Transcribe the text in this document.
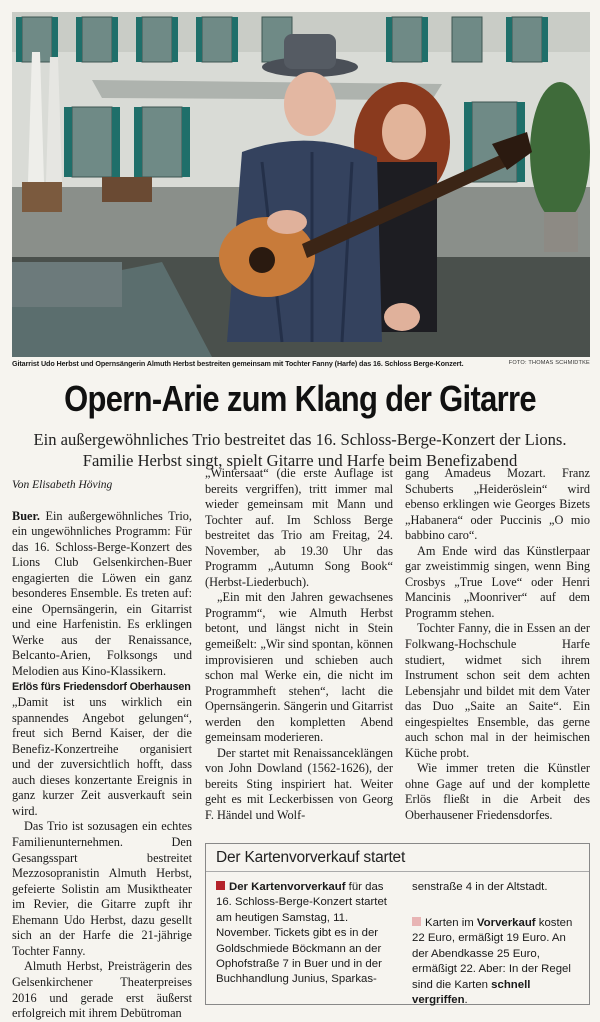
Gitarrist Udo Herbst und Opernsängerin Almuth Herbst bestreiten gemeinsam mit Tochter Fanny (Harfe) das 16. Schloss Berge-Konzert.	FOTO: THOMAS SCHMIDTKE
Opern-Arie zum Klang der Gitarre
Ein außergewöhnliches Trio bestreitet das 16. Schloss-Berge-Konzert der Lions.
Familie Herbst singt, spielt Gitarre und Harfe beim Benefizabend
Von Elisabeth Höving

Buer. Ein außergewöhnliches Trio, ein ungewöhnliches Programm: Für das 16. Schloss-Berge-Konzert des Lions Club Gelsenkirchen-Buer engagierten die Löwen ein ganz besonderes Ensemble. Es treten auf: eine Opernsängerin, ein Gitarrist und eine Harfenistin. Es erklingen Werke aus der Renaissance, Belcanto-Arien, Folksongs und Melodien aus Kino-Klassikern.

Erlös fürs Friedensdorf Oberhausen

„Damit ist uns wirklich ein spannendes Angebot gelungen“, freut sich Bernd Kaiser, der die Benefiz-Konzertreihe organisiert und der zuversichtlich hofft, dass auch dieses konzertante Ereignis in ganz kurzer Zeit ausverkauft sein wird.

Das Trio ist sozusagen ein echtes Familienunternehmen. Den Gesangsspart bestreitet Mezzosopranistin Almuth Herbst, gefeierte Solistin am Musiktheater im Revier, die Gitarre zupft ihr Ehemann Udo Herbst, dazu gesellt sich an der Harfe die 21-jährige Tochter Fanny.

Almuth Herbst, Preisträgerin des Gelsenkirchener Theaterpreises 2016 und gerade erst äußerst erfolgreich mit ihrem Debütroman

„Wintersaat“ (die erste Auflage ist bereits vergriffen), tritt immer mal wieder gemeinsam mit Mann und Tochter auf. Im Schloss Berge bestreitet das Trio am Freitag, 24. November, ab 19.30 Uhr das Programm „Autumn Song Book“ (Herbst-Liederbuch).

„Ein mit den Jahren gewachsenes Programm“, wie Almuth Herbst betont, und längst nicht in Stein gemeißelt: „Wir sind spontan, können improvisieren und schieben auch schon mal Werke ein, die nicht im Programmheft stehen“, lacht die Opernsängerin. Sängerin und Gitarrist werden den kompletten Abend gemeinsam moderieren.

Der startet mit Renaissanceklängen von John Dowland (1562-1626), der bereits Sting inspiriert hat. Weiter geht es mit Leckerbissen von Georg F. Händel und Wolf-

gang Amadeus Mozart. Franz Schuberts „Heideröslein“ wird ebenso erklingen wie Georges Bizets „Habanera“ oder Puccinis „O mio babbino caro“.

Am Ende wird das Künstlerpaar gar zweistimmig singen, wenn Bing Crosbys „True Love“ oder Henri Mancinis „Moonriver“ auf dem Programm stehen.

Tochter Fanny, die in Essen an der Folkwang-Hochschule Harfe studiert, widmet sich ihrem Instrument schon seit dem achten Lebensjahr und bildet mit dem Vater das Duo „Saite an Saite“. Ein eingespieltes Ensemble, das gerne auch schon mal in der heimischen Küche probt.

Wie immer treten die Künstler ohne Gage auf und der komplette Erlös fließt in die Arbeit des Oberhausener Friedensdorfes.

Der Kartenvorverkauf startet
Der Kartenvorverkauf für das 16. Schloss-Berge-Konzert startet am heutigen Samstag, 11. November. Tickets gibt es in der Goldschmiede Böckmann an der Ophofstraße 7 in Buer und in der Buchhandlung Junius, Sparkas-
senstraße 4 in der Altstadt.
Karten im Vorverkauf kosten 22 Euro, ermäßigt 19 Euro. An der Abendkasse 25 Euro, ermäßigt 22. Aber: In der Regel sind die Karten schnell vergriffen.
